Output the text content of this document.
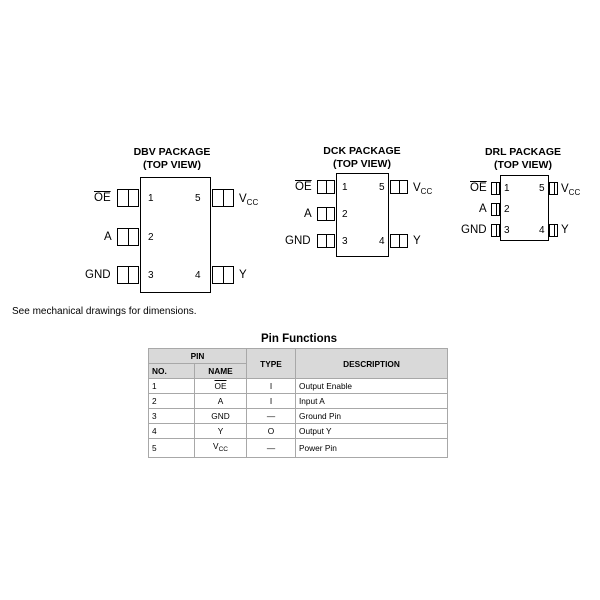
DBV PACKAGE
(TOP VIEW)
$\overline{OE}$
A
GND
$V_{CC}$
Y
1
2
3
5
4
DCK PACKAGE
(TOP VIEW)
$\overline{OE}$
A
GND
$V_{CC}$
Y
1
2
3
5
4
DRL PACKAGE
(TOP VIEW)
$\overline{OE}$
A
GND
$V_{CC}$
Y
1
2
3
5
4
See mechanical drawings for dimensions.
Pin Functions
PIN		TYPE	DESCRIPTION
NO.	NAME		
1	$\overline{OE}$	I	Output Enable
2	A	I	Input A
3	GND	—	Ground Pin
4	Y	O	Output Y
5	$V_{CC}$	—	Power Pin
